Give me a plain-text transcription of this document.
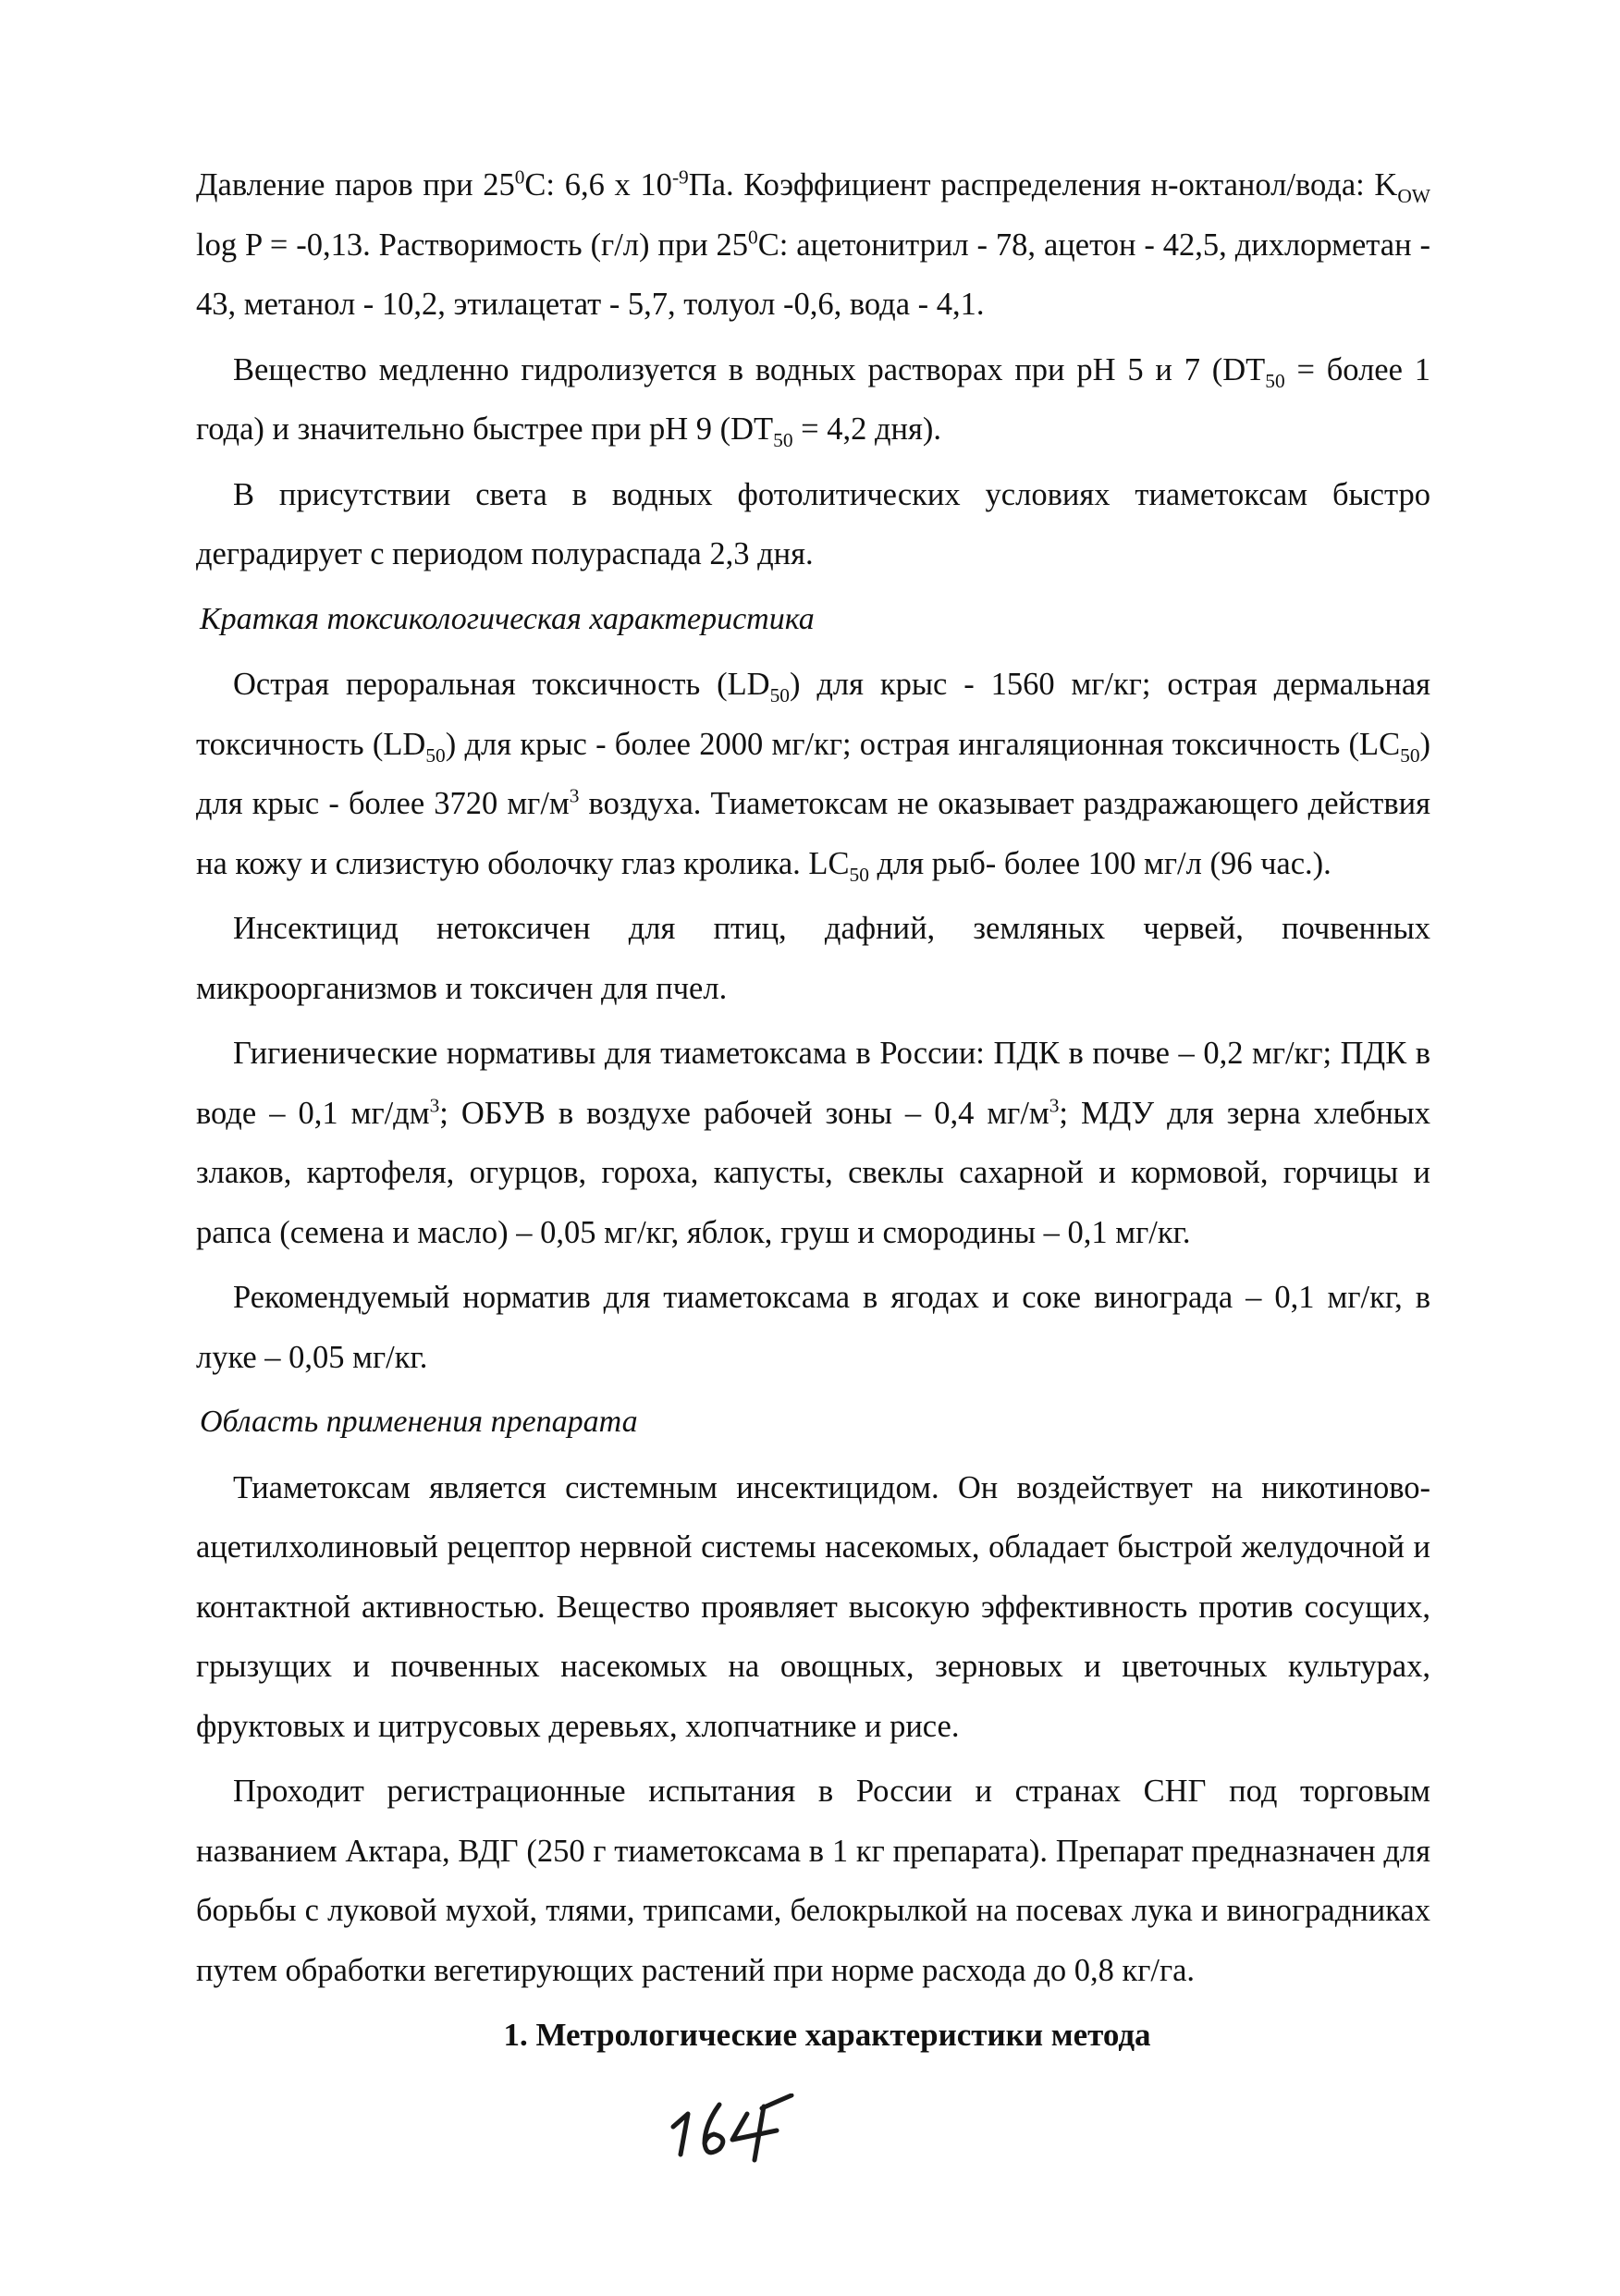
Давление паров при $25^0С$: 6,6 x $10^{-9}Па$. Коэффициент распределения н-октанол/вода: $K_{OW}$ log P = -0,13. Растворимость (г/л) при $25^0С$: ацетонитрил - 78, ацетон - 42,5, дихлорметан - 43, метанол - 10,2, этилацетат - 5,7, толуол -0,6, вода - 4,1.

Вещество медленно гидролизуется в водных растворах при pH 5 и 7 ($DT_{50}$ = более 1 года) и значительно быстрее при pH 9 ($DT_{50} = 4,2$ дня).

В присутствии света в водных фотолитических условиях тиаметоксам быстро деградирует с периодом полураспада 2,3 дня.

Краткая токсикологическая характеристика

Острая пероральная токсичность $(LD_{50})$ для крыс - 1560 мг/кг; острая дермальная токсичность $(LD_{50})$ для крыс - более 2000 мг/кг; острая ингаляционная токсичность $(LC_{50})$ для крыс - более 3720 $мг/м^3$ воздуха. Тиаметоксам не оказывает раздражающего действия на кожу и слизистую оболочку глаз кролика. $LC_{50}$ для рыб- более 100 мг/л (96 час.).

Инсектицид нетоксичен для птиц, дафний, земляных червей, почвенных микроорганизмов и токсичен для пчел.

Гигиенические нормативы для тиаметоксама в России: ПДК в почве – 0,2 мг/кг; ПДК в воде – 0,1 $мг/дм^3$; ОБУВ в воздухе рабочей зоны – 0,4 $мг/м^3$; МДУ для зерна хлебных злаков, картофеля, огурцов, гороха, капусты, свеклы сахарной и кормовой, горчицы и рапса (семена и масло) – 0,05 мг/кг, яблок, груш и смородины – 0,1 мг/кг.

Рекомендуемый норматив для тиаметоксама в ягодах и соке винограда – 0,1 мг/кг, в луке – 0,05 мг/кг.

Область применения препарата

Тиаметоксам является системным инсектицидом. Он воздействует на никотиново-ацетилхолиновый рецептор нервной системы насекомых, обладает быстрой желудочной и контактной активностью. Вещество проявляет высокую эффективность против сосущих, грызущих и почвенных насекомых на овощных, зерновых и цветочных культурах, фруктовых и цитрусовых деревьях, хлопчатнике и рисе.

Проходит регистрационные испытания в России и странах СНГ под торговым названием Актара, ВДГ (250 г тиаметоксама в 1 кг препарата). Препарат предназначен для борьбы с луковой мухой, тлями, трипсами, белокрылкой на посевах лука и виноградниках путем обработки вегетирующих растений при норме расхода до 0,8 кг/га.

1. Метрологические характеристики метода
